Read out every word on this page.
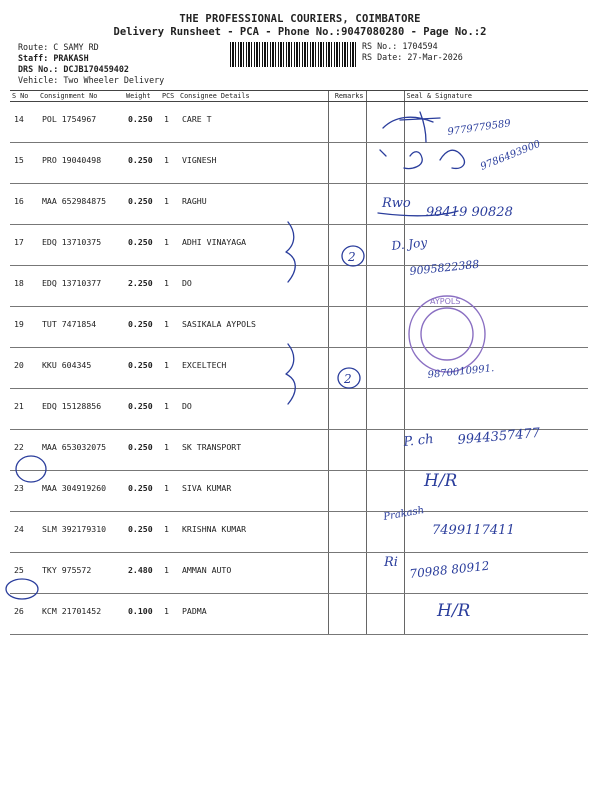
THE PROFESSIONAL COURIERS, COIMBATORE
Delivery Runsheet - PCA - Phone No.:9047080280 - Page No.:2
Route: C SAMY RD
Staff: PRAKASH
DRS No.: DCJB170459402
Vehicle: Two Wheeler Delivery
RS No.: 1704594
RS Date: 27-Mar-2026
S No	Consignment No	Weight	PCS	Consignee Details	Remarks		Seal & Signature
14	POL 1754967	0.250	1	CARE T			
15	PRO 19040498	0.250	1	VIGNESH			
16	MAA 652984875	0.250	1	RAGHU			
17	EDQ 13710375	0.250	1	ADHI VINAYAGA			
18	EDQ 13710377	2.250	1	DO			
19	TUT 7471854	0.250	1	SASIKALA AYPOLS			
20	KKU 604345	0.250	1	EXCELTECH			
21	EDQ 15128856	0.250	1	DO			
22	MAA 653032075	0.250	1	SK TRANSPORT			
23	MAA 304919260	0.250	1	SIVA KUMAR			
24	SLM 392179310	0.250	1	KRISHNA KUMAR			
25	TKY 975572	2.480	1	AMMAN AUTO			
26	KCM 21701452	0.100	1	PADMA			
9779779589
9786493900
Rwo
98419 90828
2
2
D. Joy
9095822388
AYPOLS
9870010991.
P. ch 9944357477
H/R
Prakash
7499117411
Ri 70988 80912
H/R
